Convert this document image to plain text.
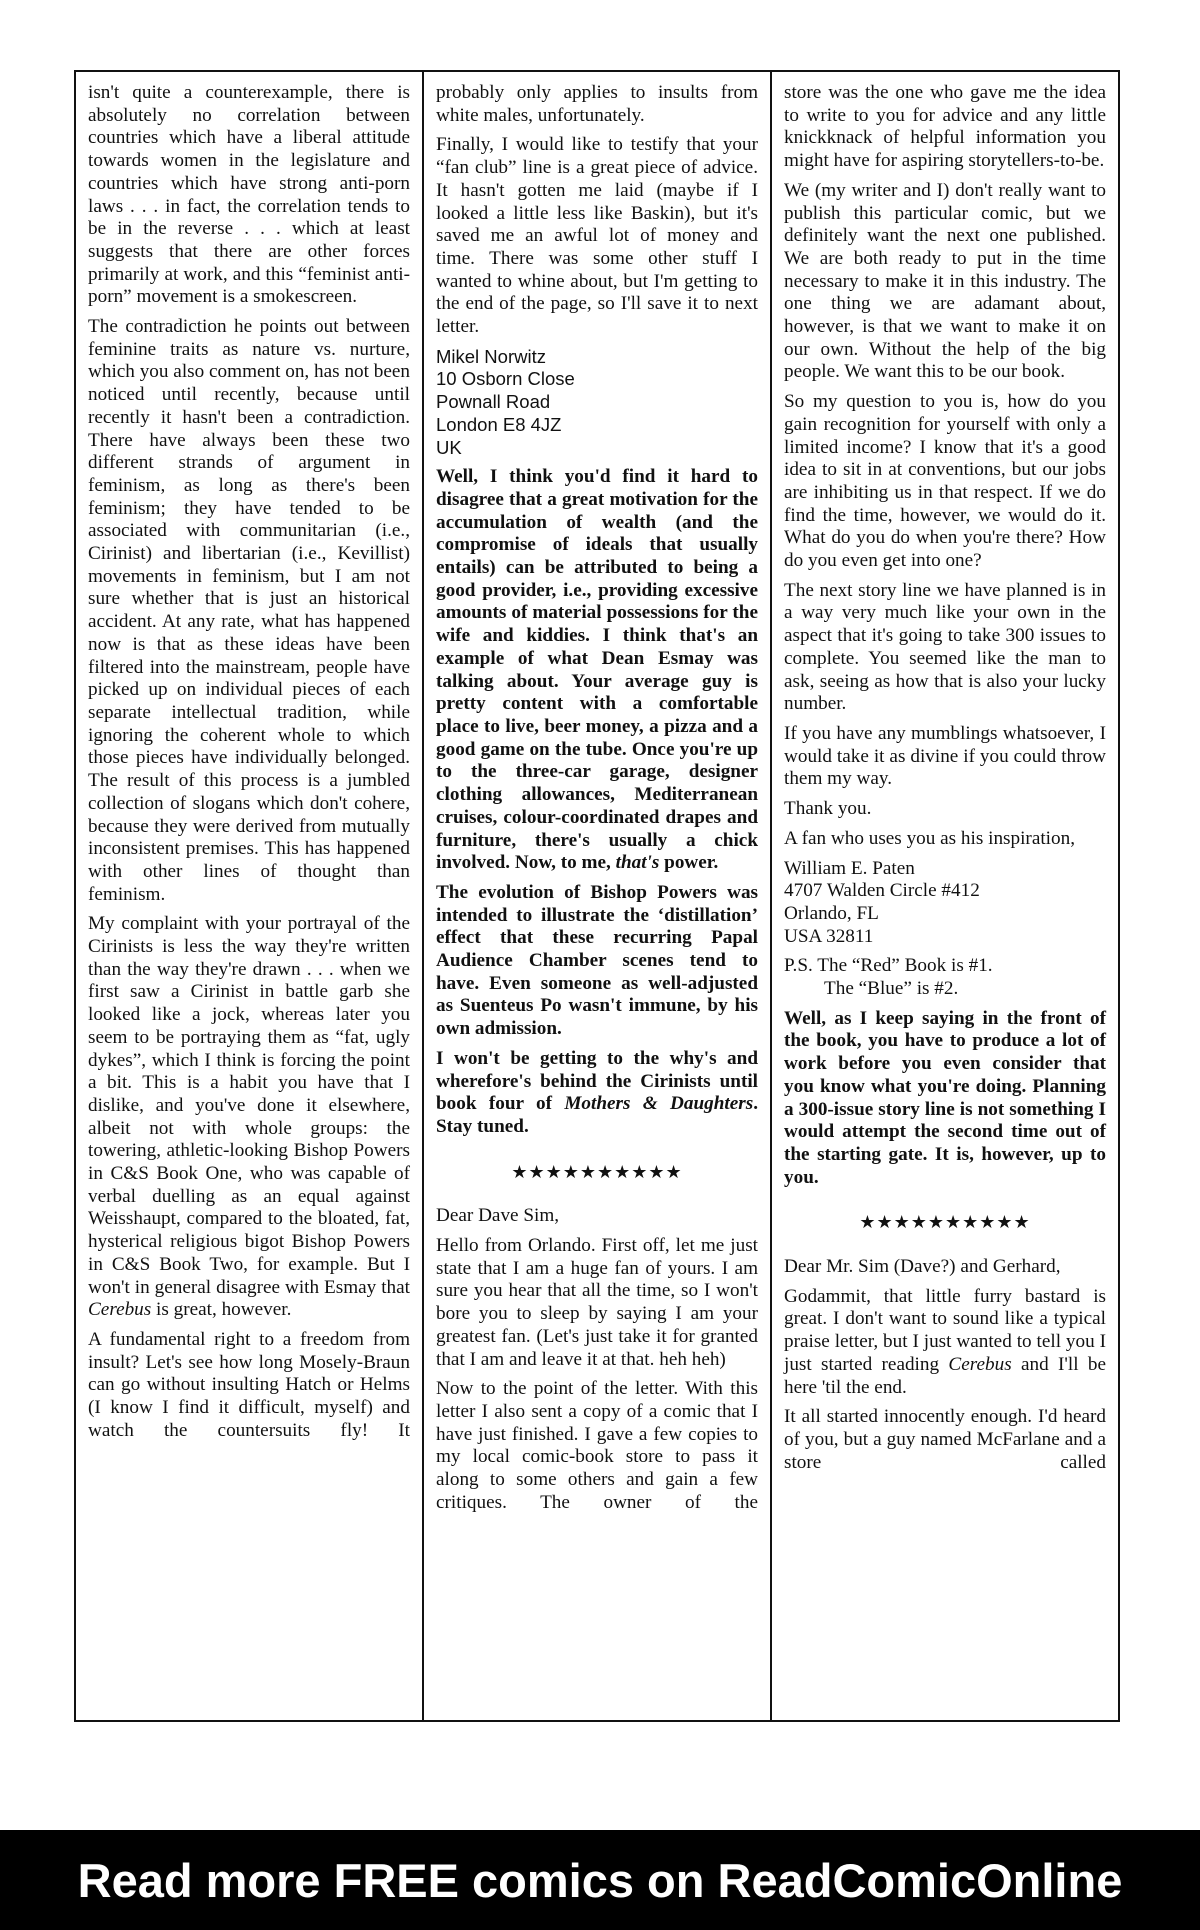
isn't quite a counterexample, there is absolutely no correlation between countries which have a liberal attitude towards women in the legislature and countries which have strong anti-porn laws . . . in fact, the correlation tends to be in the reverse . . . which at least suggests that there are other forces primarily at work, and this “feminist anti-porn” movement is a smokescreen.

The contradiction he points out between feminine traits as nature vs. nurture, which you also comment on, has not been noticed until recently, because until recently it hasn't been a contradiction. There have always been these two different strands of argument in feminism, as long as there's been feminism; they have tended to be associated with communitarian (i.e., Cirinist) and libertarian (i.e., Kevillist) movements in feminism, but I am not sure whether that is just an historical accident. At any rate, what has happened now is that as these ideas have been filtered into the mainstream, people have picked up on individual pieces of each separate intellectual tradition, while ignoring the coherent whole to which those pieces have individually belonged. The result of this process is a jumbled collection of slogans which don't cohere, because they were derived from mutually inconsistent premises. This has happened with other lines of thought than feminism.

My complaint with your portrayal of the Cirinists is less the way they're written than the way they're drawn . . . when we first saw a Cirinist in battle garb she looked like a jock, whereas later you seem to be portraying them as “fat, ugly dykes”, which I think is forcing the point a bit. This is a habit you have that I dislike, and you've done it elsewhere, albeit not with whole groups: the towering, athletic-looking Bishop Powers in C&S Book One, who was capable of verbal duelling as an equal against Weisshaupt, compared to the bloated, fat, hysterical religious bigot Bishop Powers in C&S Book Two, for example. But I won't in general disagree with Esmay that Cerebus is great, however.

A fundamental right to a freedom from insult? Let's see how long Mosely-Braun can go without insulting Hatch or Helms (I know I find it difficult, myself) and watch the countersuits fly! It

probably only applies to insults from white males, unfortunately.

Finally, I would like to testify that your “fan club” line is a great piece of advice. It hasn't gotten me laid (maybe if I looked a little less like Baskin), but it's saved me an awful lot of money and time. There was some other stuff I wanted to whine about, but I'm getting to the end of the page, so I'll save it to next letter.

Mikel Norwitz
10 Osborn Close
Pownall Road
London E8 4JZ
UK

Well, I think you'd find it hard to disagree that a great motivation for the accumulation of wealth (and the compromise of ideals that usually entails) can be attributed to being a good provider, i.e., providing excessive amounts of material possessions for the wife and kiddies. I think that's an example of what Dean Esmay was talking about. Your average guy is pretty content with a comfortable place to live, beer money, a pizza and a good game on the tube. Once you're up to the three-car garage, designer clothing allowances, Mediterranean cruises, colour-coordinated drapes and furniture, there's usually a chick involved. Now, to me, that's power.

The evolution of Bishop Powers was intended to illustrate the ‘distillation’ effect that these recurring Papal Audience Chamber scenes tend to have. Even someone as well-adjusted as Suenteus Po wasn't immune, by his own admission.

I won't be getting to the why's and wherefore's behind the Cirinists until book four of Mothers & Daughters. Stay tuned.

★★★★★★★★★★

Dear Dave Sim,

Hello from Orlando. First off, let me just state that I am a huge fan of yours. I am sure you hear that all the time, so I won't bore you to sleep by saying I am your greatest fan. (Let's just take it for granted that I am and leave it at that. heh heh)

Now to the point of the letter. With this letter I also sent a copy of a comic that I have just finished. I gave a few copies to my local comic-book store to pass it along to some others and gain a few critiques. The owner of the

store was the one who gave me the idea to write to you for advice and any little knickknack of helpful information you might have for aspiring storytellers-to-be.

We (my writer and I) don't really want to publish this particular comic, but we definitely want the next one published. We are both ready to put in the time necessary to make it in this industry. The one thing we are adamant about, however, is that we want to make it on our own. Without the help of the big people. We want this to be our book.

So my question to you is, how do you gain recognition for yourself with only a limited income? I know that it's a good idea to sit in at conventions, but our jobs are inhibiting us in that respect. If we do find the time, however, we would do it. What do you do when you're there? How do you even get into one?

The next story line we have planned is in a way very much like your own in the aspect that it's going to take 300 issues to complete. You seemed like the man to ask, seeing as how that is also your lucky number.

If you have any mumblings whatsoever, I would take it as divine if you could throw them my way.

Thank you.

A fan who uses you as his inspiration,

William E. Paten
4707 Walden Circle #412
Orlando, FL
USA 32811

P.S. The “Red” Book is #1.
The “Blue” is #2.

Well, as I keep saying in the front of the book, you have to produce a lot of work before you even consider that you know what you're doing. Planning a 300-issue story line is not something I would attempt the second time out of the starting gate. It is, however, up to you.

★★★★★★★★★★

Dear Mr. Sim (Dave?) and Gerhard,

Godammit, that little furry bastard is great. I don't want to sound like a typical praise letter, but I just wanted to tell you I just started reading Cerebus and I'll be here 'til the end.

It all started innocently enough. I'd heard of you, but a guy named McFarlane and a store called

Read more FREE comics on ReadComicOnline
